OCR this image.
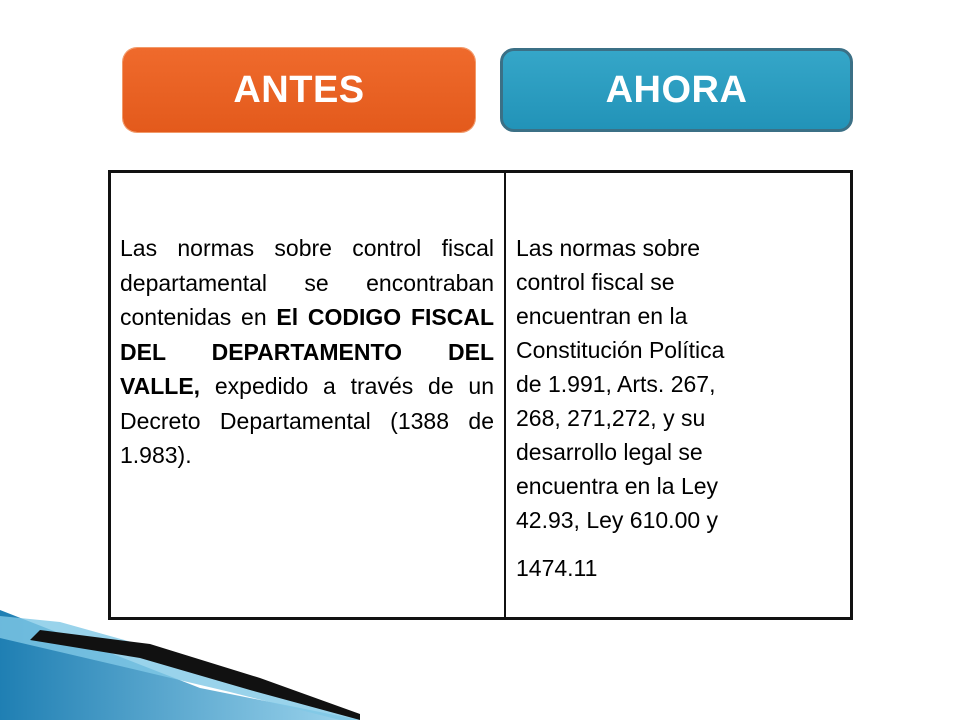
ANTES	AHORA
Las normas sobre control fiscal departamental se encontraban contenidas en El CODIGO FISCAL DEL DEPARTAMENTO DEL VALLE, expedido a través de un Decreto Departamental (1388 de 1.983).
Las normas sobre
control fiscal se
encuentran en la
Constitución Política
de 1.991, Arts. 267,
268, 271,272, y su
desarrollo legal se
encuentra en la Ley
42.93, Ley 610.00 y
1474.11
